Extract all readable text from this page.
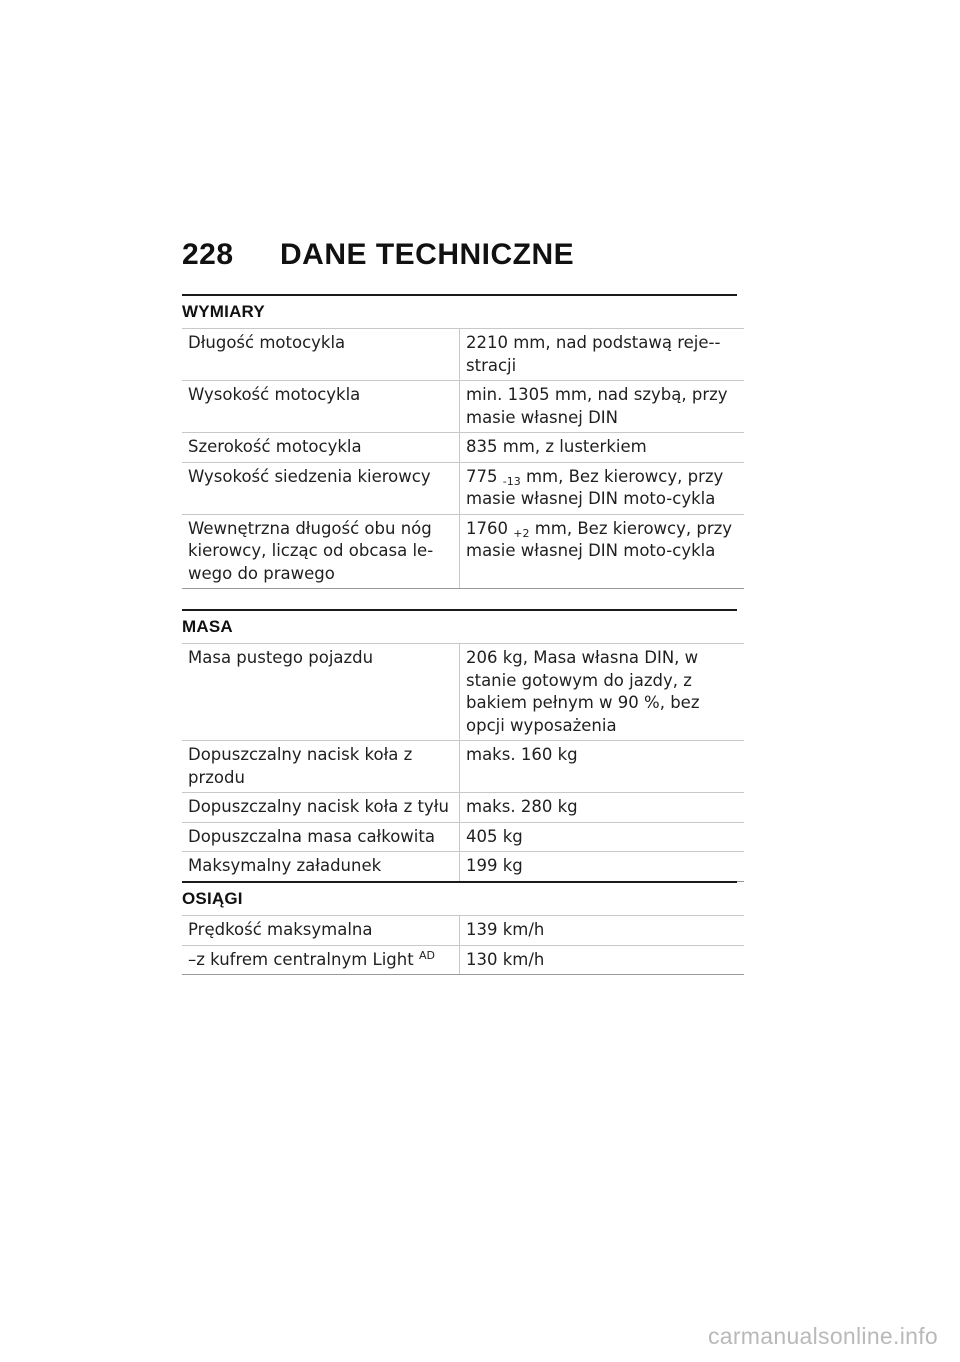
228 DANE TECHNICZNE
WYMIARY
Długość motocykla	2210 mm, nad podstawą reje-stracji
Wysokość motocykla	min. 1305 mm, nad szybą, przy masie własnej DIN
Szerokość motocykla	835 mm, z lusterkiem
Wysokość siedzenia kierowcy	775 $_{-13}$ mm, Bez kierowcy, przy masie własnej DIN moto-cykla
Wewnętrzna długość obu nóg kierowcy, licząc od obcasa le-wego do prawego	1760 $_{+2}$ mm, Bez kierowcy, przy masie własnej DIN moto-cykla
MASA
Masa pustego pojazdu	206 kg, Masa własna DIN, w stanie gotowym do jazdy, z bakiem pełnym w 90 %, bez opcji wyposażenia
Dopuszczalny nacisk koła z przodu	maks. 160 kg
Dopuszczalny nacisk koła z tyłu	maks. 280 kg
Dopuszczalna masa całkowita	405 kg
Maksymalny załadunek	199 kg
OSIĄGI
Prędkość maksymalna	139 km/h
–z kufrem centralnym Light $^{AD}$	130 km/h
carmanualsonline.info
